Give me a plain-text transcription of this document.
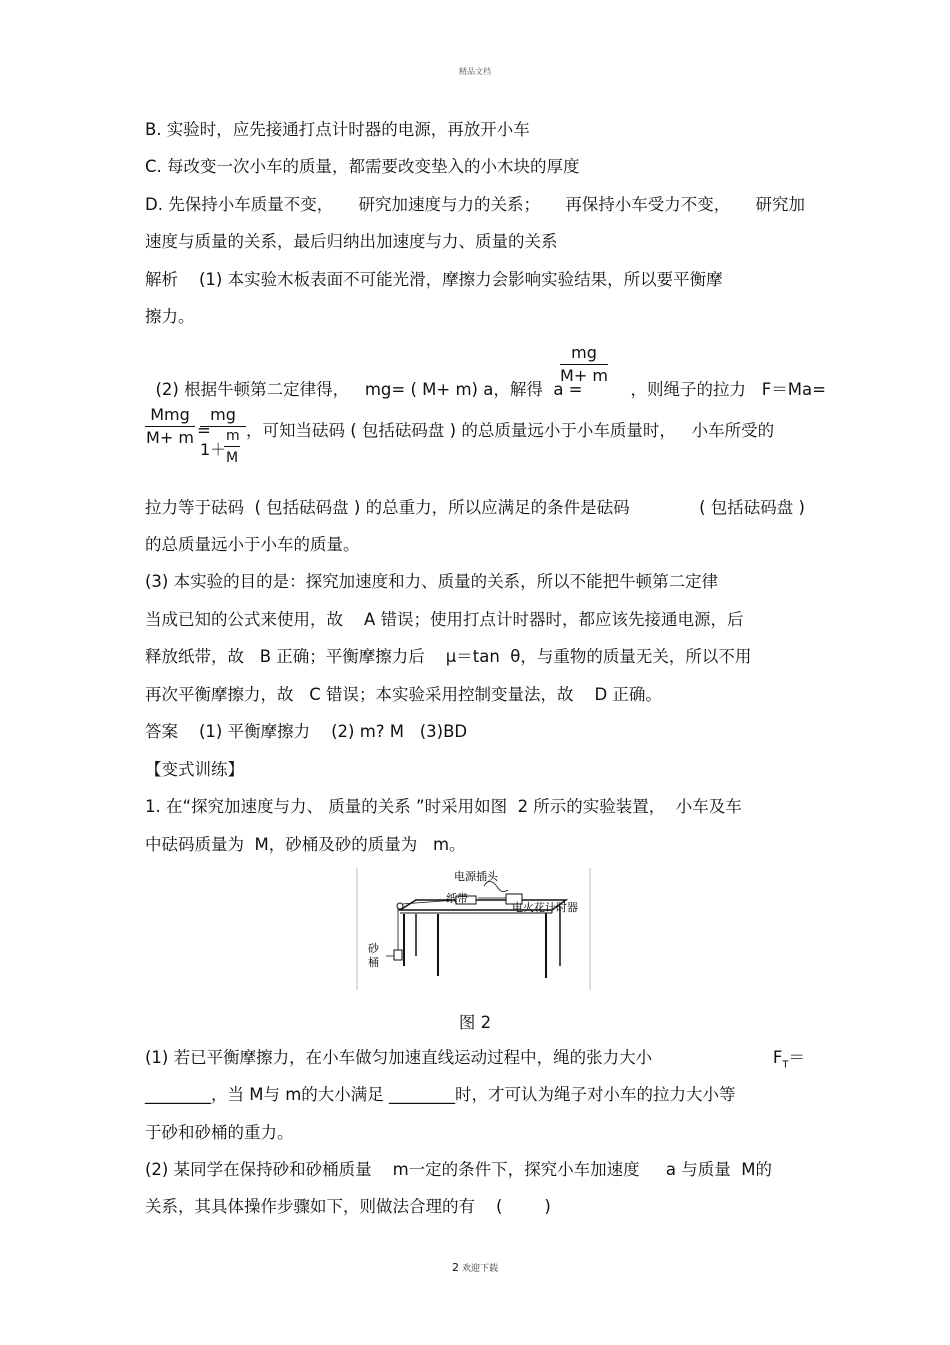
精品文档
B. 实验时，应先接通打点计时器的电源，再放开小车
C. 每改变一次小车的质量，都需要改变垫入的小木块的厚度
D. 先保持小车质量不变， 研究加速度与力的关系； 再保持小车受力不变， 研究加
速度与质量的关系，最后归纳出加速度与力、质量的关系
解析    (1) 本实验木板表面不可能光滑，摩擦力会影响实验结果，所以要平衡摩
擦力。

(2) 根据牛顿第二定律得，   mg= ( M+ m) a，解得  a =	，则绳子的拉力   F＝Ma=

mg
M+ m
Mmg
M+ m =
mg
1＋
m
M
，可知当砝码 ( 包括砝码盘 ) 的总质量远小于小车质量时，   小车所受的
拉力等于砝码  ( 包括砝码盘 ) 的总重力，所以应满足的条件是砝码	( 包括砝码盘 )
的总质量远小于小车的质量。
(3) 本实验的目的是：探究加速度和力、质量的关系，所以不能把牛顿第二定律
当成已知的公式来使用，故    A 错误；使用打点计时器时，都应该先接通电源，后
释放纸带，故   B 正确；平衡摩擦力后    μ＝tan  θ，与重物的质量无关，所以不用
再次平衡摩擦力，故   C 错误；本实验采用控制变量法，故    D 正确。
答案    (1) 平衡摩擦力    (2) m? M   (3)BD
【变式训练】
1. 在“探究加速度与力、 质量的关系 ”时采用如图  2 所示的实验装置，  小车及车
中砝码质量为  M，砂桶及砂的质量为   m。
电源插头
纸带
电火花计时器
砂
桶
图 2
(1) 若已平衡摩擦力，在小车做匀加速直线运动过程中，绳的张力大小	$F_T=$
________，当 M与 m的大小满足 ________时，才可认为绳子对小车的拉力大小等
于砂和砂桶的重力。
(2) 某同学在保持砂和砂桶质量    m一定的条件下，探究小车加速度     a 与质量  M的
关系，其具体操作步骤如下，则做法合理的有    (        )
2 欢迎下载
